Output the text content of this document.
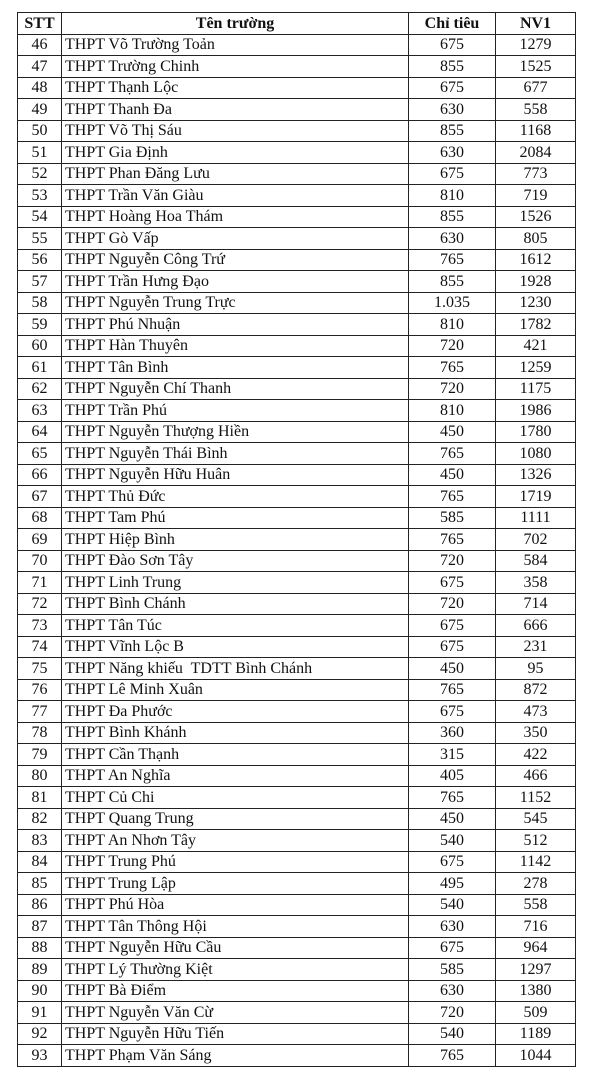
STT	Tên trường	Chỉ tiêu	NV1
46	THPT Võ Trường Toản	675	1279
47	THPT Trường Chinh	855	1525
48	THPT Thạnh Lộc	675	677
49	THPT Thanh Đa	630	558
50	THPT Võ Thị Sáu	855	1168
51	THPT Gia Định	630	2084
52	THPT Phan Đăng Lưu	675	773
53	THPT Trần Văn Giàu	810	719
54	THPT Hoàng Hoa Thám	855	1526
55	THPT Gò Vấp	630	805
56	THPT Nguyễn Công Trứ	765	1612
57	THPT Trần Hưng Đạo	855	1928
58	THPT Nguyễn Trung Trực	1.035	1230
59	THPT Phú Nhuận	810	1782
60	THPT Hàn Thuyên	720	421
61	THPT Tân Bình	765	1259
62	THPT Nguyễn Chí Thanh	720	1175
63	THPT Trần Phú	810	1986
64	THPT Nguyễn Thượng Hiền	450	1780
65	THPT Nguyễn Thái Bình	765	1080
66	THPT Nguyễn Hữu Huân	450	1326
67	THPT Thủ Đức	765	1719
68	THPT Tam Phú	585	1111
69	THPT Hiệp Bình	765	702
70	THPT Đào Sơn Tây	720	584
71	THPT Linh Trung	675	358
72	THPT Bình Chánh	720	714
73	THPT Tân Túc	675	666
74	THPT Vĩnh Lộc B	675	231
75	THPT Năng khiếu  TDTT Bình Chánh	450	95
76	THPT Lê Minh Xuân	765	872
77	THPT Đa Phước	675	473
78	THPT Bình Khánh	360	350
79	THPT Cần Thạnh	315	422
80	THPT An Nghĩa	405	466
81	THPT Củ Chi	765	1152
82	THPT Quang Trung	450	545
83	THPT An Nhơn Tây	540	512
84	THPT Trung Phú	675	1142
85	THPT Trung Lập	495	278
86	THPT Phú Hòa	540	558
87	THPT Tân Thông Hội	630	716
88	THPT Nguyễn Hữu Cầu	675	964
89	THPT Lý Thường Kiệt	585	1297
90	THPT Bà Điểm	630	1380
91	THPT Nguyễn Văn Cừ	720	509
92	THPT Nguyễn Hữu Tiến	540	1189
93	THPT Phạm Văn Sáng	765	1044
